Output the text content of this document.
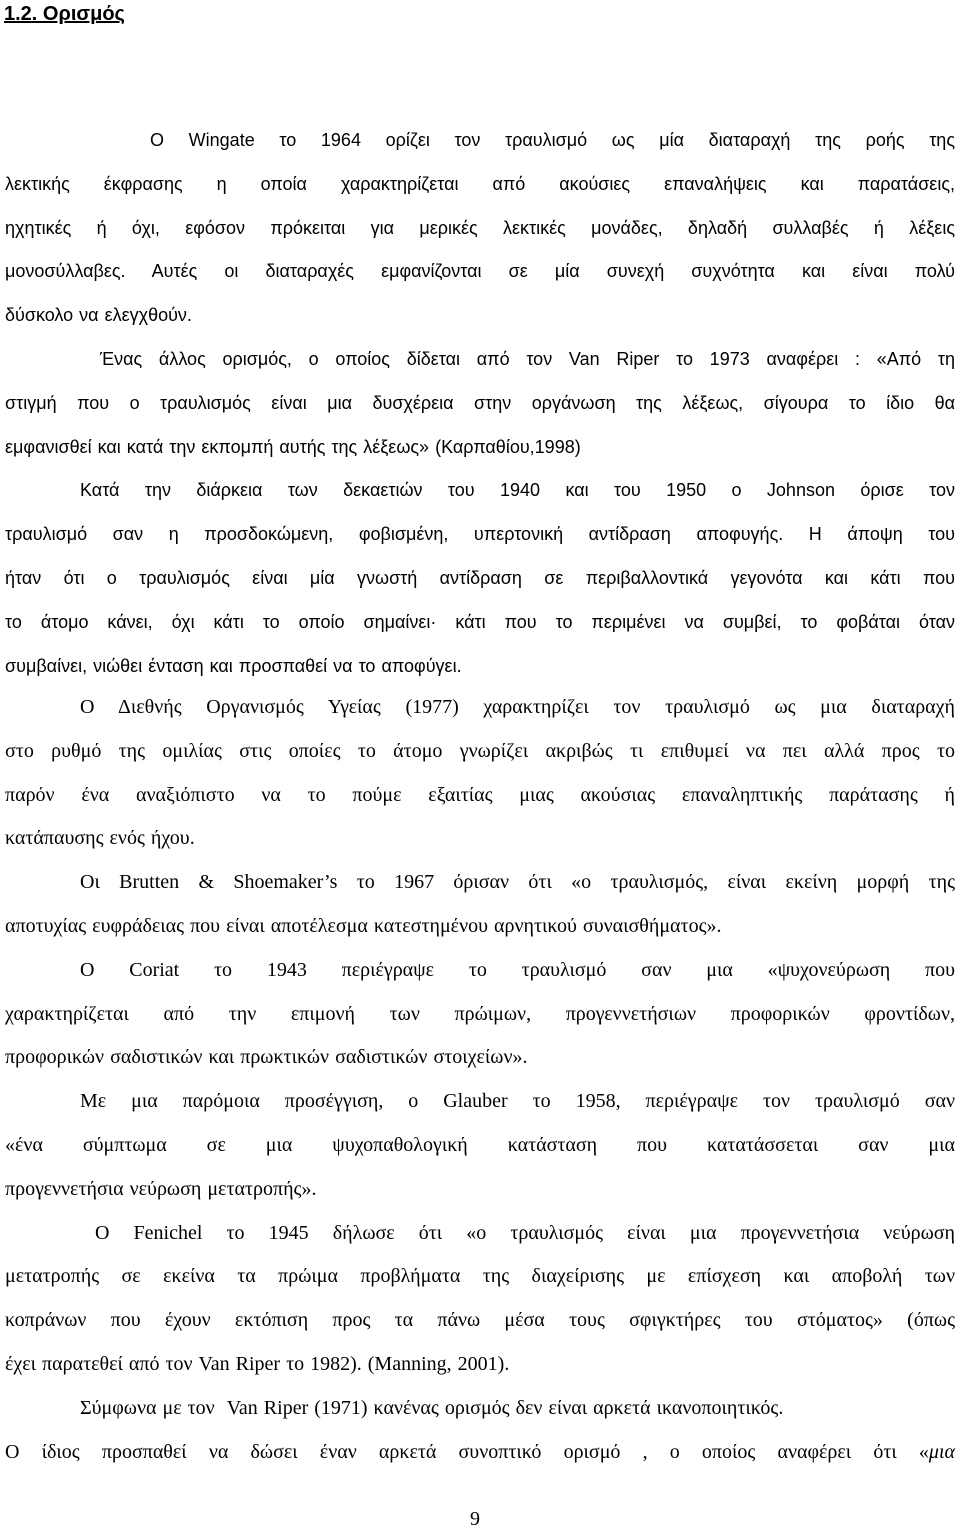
1.2. Ορισμός
Ο Wingate το 1964 ορίζει τον τραυλισμό ως μία διαταραχή της ροής της
λεκτικής έκφρασης η οποία χαρακτηρίζεται από ακούσιες επαναλήψεις και παρατάσεις,
ηχητικές ή όχι, εφόσον πρόκειται για μερικές λεκτικές μονάδες, δηλαδή συλλαβές ή λέξεις
μονοσύλλαβες. Αυτές οι διαταραχές εμφανίζονται σε μία συνεχή συχνότητα και είναι πολύ
δύσκολο να ελεγχθούν.
Ένας άλλος ορισμός, ο οποίος δίδεται από τον Van Riper το 1973 αναφέρει : «Από τη
στιγμή που ο τραυλισμός είναι μια δυσχέρεια στην οργάνωση της λέξεως, σίγουρα το ίδιο θα
εμφανισθεί και κατά την εκπομπή αυτής της λέξεως» (Καρπαθίου,1998)
Κατά την διάρκεια των δεκαετιών του 1940 και του 1950 ο Johnson όρισε τον
τραυλισμό σαν η προσδοκώμενη, φοβισμένη, υπερτονική αντίδραση αποφυγής. Η άποψη του
ήταν ότι ο τραυλισμός είναι μία γνωστή αντίδραση σε περιβαλλοντικά γεγονότα και κάτι που
το άτομο κάνει, όχι κάτι το οποίο σημαίνει· κάτι που το περιμένει να συμβεί, το φοβάται όταν
συμβαίνει, νιώθει ένταση και προσπαθεί να το αποφύγει.
Ο Διεθνής Οργανισμός Υγείας (1977) χαρακτηρίζει τον τραυλισμό ως μια διαταραχή
στο ρυθμό της ομιλίας στις οποίες το άτομο γνωρίζει ακριβώς τι επιθυμεί να πει αλλά προς το
παρόν ένα αναξιόπιστο να το πούμε εξαιτίας μιας ακούσιας επαναληπτικής παράτασης ή
κατάπαυσης ενός ήχου.
Οι Brutten & Shoemaker’s το 1967 όρισαν ότι «ο τραυλισμός, είναι εκείνη μορφή της
αποτυχίας ευφράδειας που είναι αποτέλεσμα κατεστημένου αρνητικού συναισθήματος».
Ο Coriat το 1943 περιέγραψε το τραυλισμό σαν μια «ψυχονεύρωση που
χαρακτηρίζεται από την επιμονή των πρώιμων, προγεννετήσιων προφορικών φροντίδων,
προφορικών σαδιστικών και πρωκτικών σαδιστικών στοιχείων».
Με μια παρόμοια προσέγγιση, ο Glauber το 1958, περιέγραψε τον τραυλισμό σαν
«ένα σύμπτωμα σε μια ψυχοπαθολογική κατάσταση που κατατάσσεται σαν μια
προγεννετήσια νεύρωση μετατροπής».
Ο Fenichel το 1945 δήλωσε ότι «ο τραυλισμός είναι μια προγεννετήσια νεύρωση
μετατροπής σε εκείνα τα πρώιμα προβλήματα της διαχείρισης με επίσχεση και αποβολή των
κοπράνων που έχουν εκτόπιση προς τα πάνω μέσα τους σφιγκτήρες του στόματος» (όπως
έχει παρατεθεί από τον Van Riper το 1982). (Manning, 2001).
Σύμφωνα με τον  Van Riper (1971) κανένας ορισμός δεν είναι αρκετά ικανοποιητικός.
Ο ίδιος προσπαθεί να δώσει έναν αρκετά συνοπτικό ορισμό , ο οποίος αναφέρει ότι « μια
9
